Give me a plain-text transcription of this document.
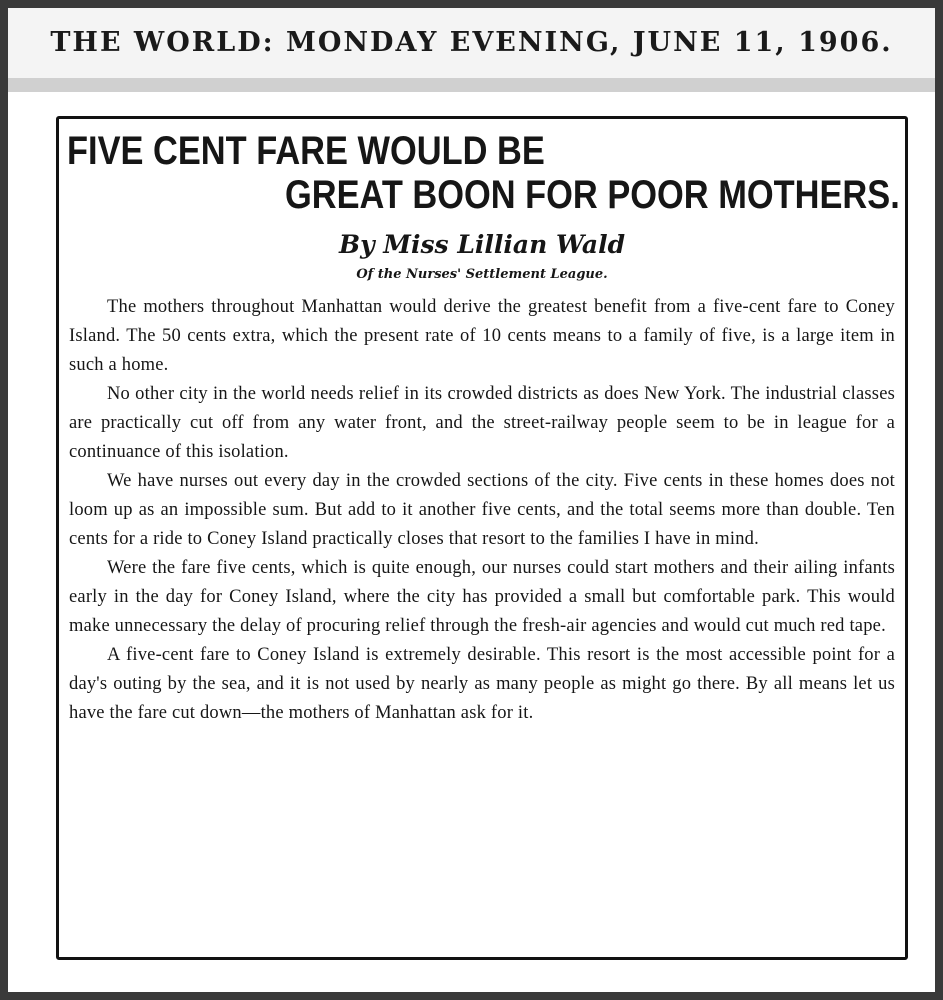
THE WORLD: MONDAY EVENING, JUNE 11, 1906.
FIVE CENT FARE WOULD BE
GREAT BOON FOR POOR MOTHERS.
By Miss Lillian Wald
Of the Nurses' Settlement League.

The mothers throughout Manhattan would derive the greatest benefit from a five-cent fare to Coney Island. The 50 cents extra, which the present rate of 10 cents means to a family of five, is a large item in such a home.

No other city in the world needs relief in its crowded districts as does New York. The industrial classes are practically cut off from any water front, and the street-railway people seem to be in league for a continuance of this isolation.

We have nurses out every day in the crowded sections of the city. Five cents in these homes does not loom up as an impossible sum. But add to it another five cents, and the total seems more than double. Ten cents for a ride to Coney Island practically closes that resort to the families I have in mind.

Were the fare five cents, which is quite enough, our nurses could start mothers and their ailing infants early in the day for Coney Island, where the city has provided a small but comfortable park. This would make unnecessary the delay of procuring relief through the fresh-air agencies and would cut much red tape.

A five-cent fare to Coney Island is extremely desirable. This resort is the most accessible point for a day's outing by the sea, and it is not used by nearly as many people as might go there. By all means let us have the fare cut down—the mothers of Manhattan ask for it.
